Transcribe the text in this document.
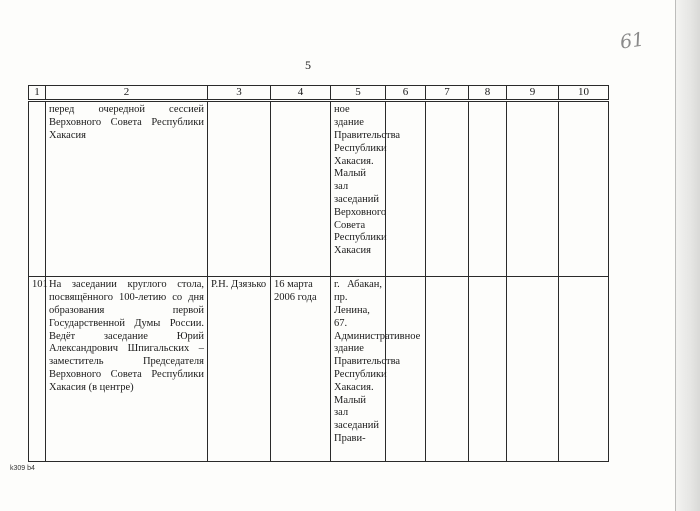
5
61
1	2	3	4	5	6	7	8	9	10
	перед очередной сессией Верховного Совета Республики Хакасия			ное здание Правительства Республики Хакасия. Малый зал заседаний Верховного Совета Республики Хакасия					
101	На заседании круглого стола, посвящённого 100-летию со дня образования первой Государственной Думы России. Ведёт заседание Юрий Александрович Шпигальских – заместитель Председателя Верховного Совета Республики Хакасия (в центре)	Р.Н. Дзязько	16 марта 2006 года	г. Абакан, пр. Ленина, 67. Административное здание Правительства Республики Хакасия. Малый зал заседаний Прави-					
k309 b4
